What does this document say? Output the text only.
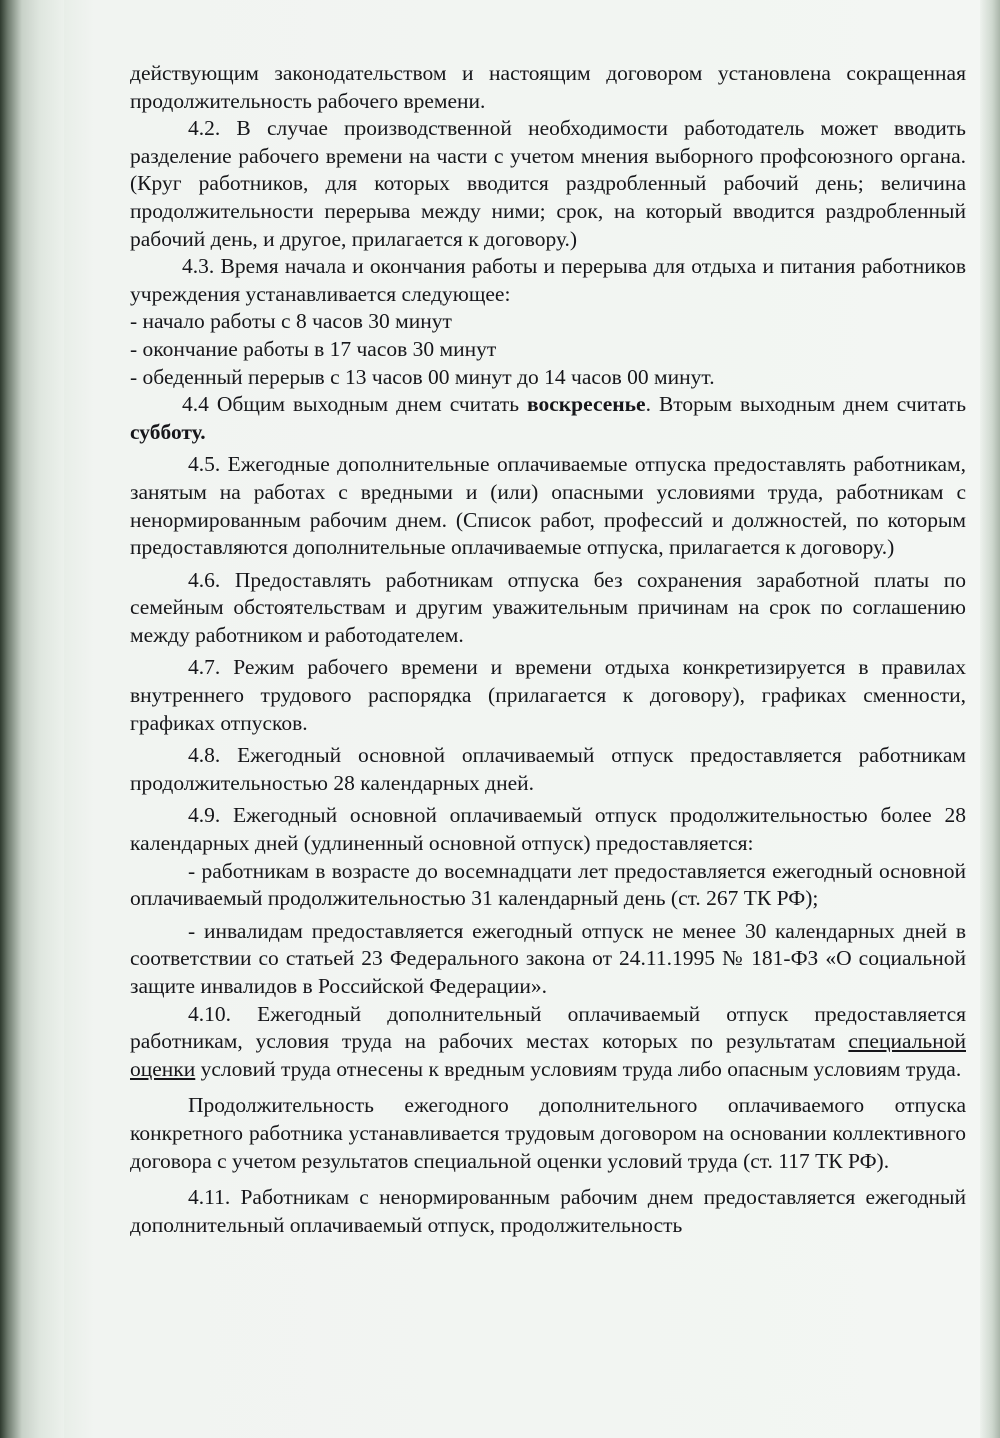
действующим законодательством и настоящим договором установлена сокращенная продолжительность рабочего времени.

4.2. В случае производственной необходимости работодатель может вводить разделение рабочего времени на части с учетом мнения выборного профсоюзного органа. (Круг работников, для которых вводится раздробленный рабочий день; величина продолжительности перерыва между ними; срок, на который вводится раздробленный рабочий день, и другое, прилагается к договору.)

4.3. Время начала и окончания работы и перерыва для отдыха и питания работников учреждения устанавливается следующее:

- начало работы с 8 часов 30 минут

- окончание работы в 17 часов 30 минут

- обеденный перерыв с 13 часов 00 минут до 14 часов 00 минут.

4.4 Общим выходным днем считать воскресенье. Вторым выходным днем считать субботу.

4.5. Ежегодные дополнительные оплачиваемые отпуска предоставлять работникам, занятым на работах с вредными и (или) опасными условиями труда, работникам с ненормированным рабочим днем. (Список работ, профессий и должностей, по которым предоставляются дополнительные оплачиваемые отпуска, прилагается к договору.)

4.6. Предоставлять работникам отпуска без сохранения заработной платы по семейным обстоятельствам и другим уважительным причинам на срок по соглашению между работником и работодателем.

4.7. Режим рабочего времени и времени отдыха конкретизируется в правилах внутреннего трудового распорядка (прилагается к договору), графиках сменности, графиках отпусков.

4.8. Ежегодный основной оплачиваемый отпуск предоставляется работникам продолжительностью 28 календарных дней.

4.9. Ежегодный основной оплачиваемый отпуск продолжительностью более 28 календарных дней (удлиненный основной отпуск) предоставляется:

- работникам в возрасте до восемнадцати лет предоставляется ежегодный основной оплачиваемый продолжительностью 31 календарный день (ст. 267 ТК РФ);

- инвалидам предоставляется ежегодный отпуск не менее 30 календарных дней в соответствии со статьей 23 Федерального закона от 24.11.1995 № 181-ФЗ «О социальной защите инвалидов в Российской Федерации».

4.10. Ежегодный дополнительный оплачиваемый отпуск предоставляется работникам, условия труда на рабочих местах которых по результатам специальной оценки условий труда отнесены к вредным условиям труда либо опасным условиям труда.

Продолжительность ежегодного дополнительного оплачиваемого отпуска конкретного работника устанавливается трудовым договором на основании коллективного договора с учетом результатов специальной оценки условий труда (ст. 117 ТК РФ).

4.11. Работникам с ненормированным рабочим днем предоставляется ежегодный дополнительный оплачиваемый отпуск, продолжительность
